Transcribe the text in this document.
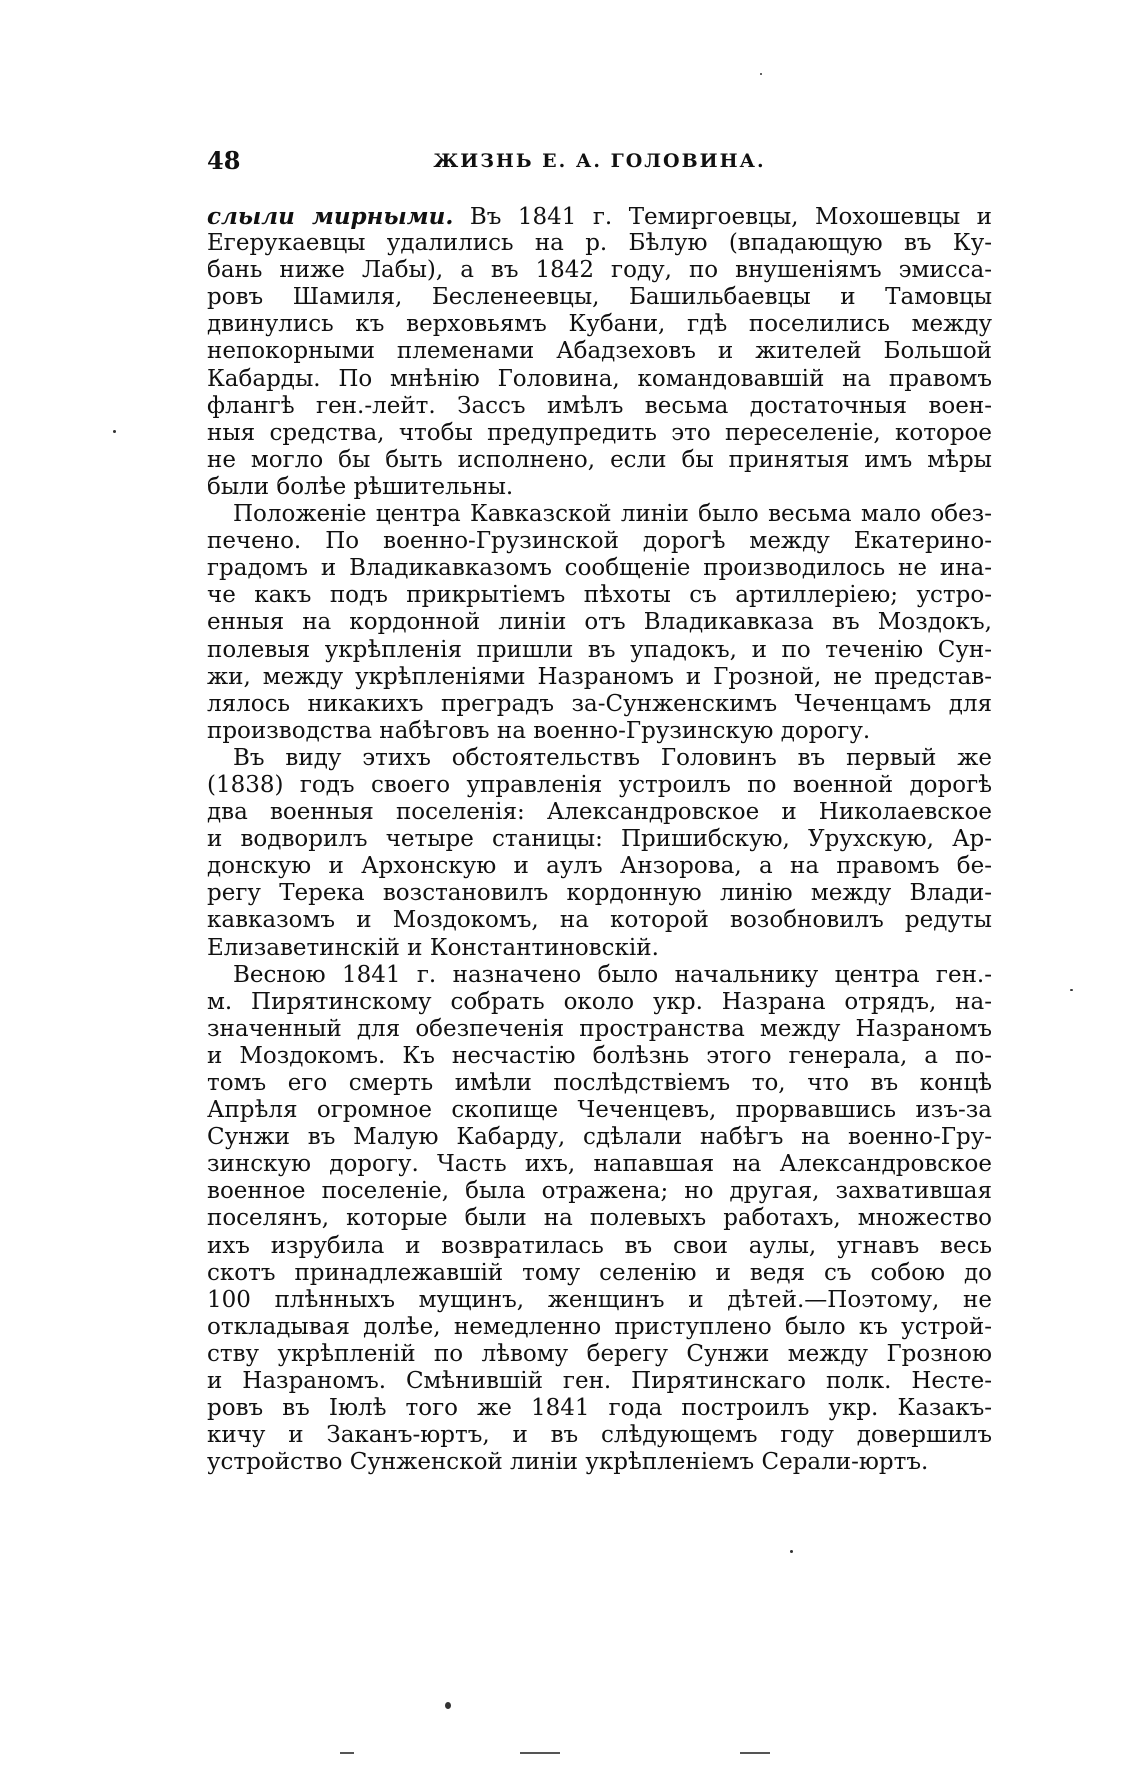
48	ЖИЗНЬ Е. А. ГОЛОВИНА.
слыли мирными. Въ 1841 г. Темиргоевцы, Мохошевцы и
Егерукаевцы удалились на р. Бѣлую (впадающую въ Ку-
бань ниже Лабы), а въ 1842 году, по внушеніямъ эмисса-
ровъ Шамиля, Бесленеевцы, Башильбаевцы и Тамовцы
двинулись къ верховьямъ Кубани, гдѣ поселились между
непокорными племенами Абадзеховъ и жителей Большой
Кабарды. По мнѣнію Головина, командовавшій на правомъ
флангѣ ген.-лейт. Зассъ имѣлъ весьма достаточныя воен-
ныя средства, чтобы предупредить это переселеніе, которое
не могло бы быть исполнено, если бы принятыя имъ мѣры
были болѣе рѣшительны.
Положеніе центра Кавказской линіи было весьма мало обез-
печено. По военно-Грузинской дорогѣ между Екатерино-
градомъ и Владикавказомъ сообщеніе производилось не ина-
че какъ подъ прикрытіемъ пѣхоты съ артиллеріею; устро-
енныя на кордонной линіи отъ Владикавказа въ Моздокъ,
полевыя укрѣпленія пришли въ упадокъ, и по теченію Сун-
жи, между укрѣпленіями Назраномъ и Грозной, не представ-
лялось никакихъ преградъ за-Сунженскимъ Чеченцамъ для
производства набѣговъ на военно-Грузинскую дорогу.
Въ виду этихъ обстоятельствъ Головинъ въ первый же
(1838) годъ своего управленія устроилъ по военной дорогѣ
два военныя поселенія: Александровское и Николаевское
и водворилъ четыре станицы: Пришибскую, Урухскую, Ар-
донскую и Архонскую и аулъ Анзорова, а на правомъ бе-
регу Терека возстановилъ кордонную линію между Влади-
кавказомъ и Моздокомъ, на которой возобновилъ редуты
Елизаветинскій и Константиновскій.
Весною 1841 г. назначено было начальнику центра ген.-
м. Пирятинскому собрать около укр. Назрана отрядъ, на-
значенный для обезпеченія пространства между Назраномъ
и Моздокомъ. Къ несчастію болѣзнь этого генерала, а по-
томъ его смерть имѣли послѣдствіемъ то, что въ концѣ
Апрѣля огромное скопище Чеченцевъ, прорвавшись изъ-за
Сунжи въ Малую Кабарду, сдѣлали набѣгъ на военно-Гру-
зинскую дорогу. Часть ихъ, напавшая на Александровское
военное поселеніе, была отражена; но другая, захватившая
поселянъ, которые были на полевыхъ работахъ, множество
ихъ изрубила и возвратилась въ свои аулы, угнавъ весь
скотъ принадлежавшій тому селенію и ведя съ собою до
100 плѣнныхъ мущинъ, женщинъ и дѣтей.—Поэтому, не
откладывая долѣе, немедленно приступлено было къ устрой-
ству укрѣпленій по лѣвому берегу Сунжи между Грозною
и Назраномъ. Смѣнившій ген. Пирятинскаго полк. Несте-
ровъ въ Іюлѣ того же 1841 года построилъ укр. Казакъ-
кичу и Заканъ-юртъ, и въ слѣдующемъ году довершилъ
устройство Сунженской линіи укрѣпленіемъ Серали-юртъ.
